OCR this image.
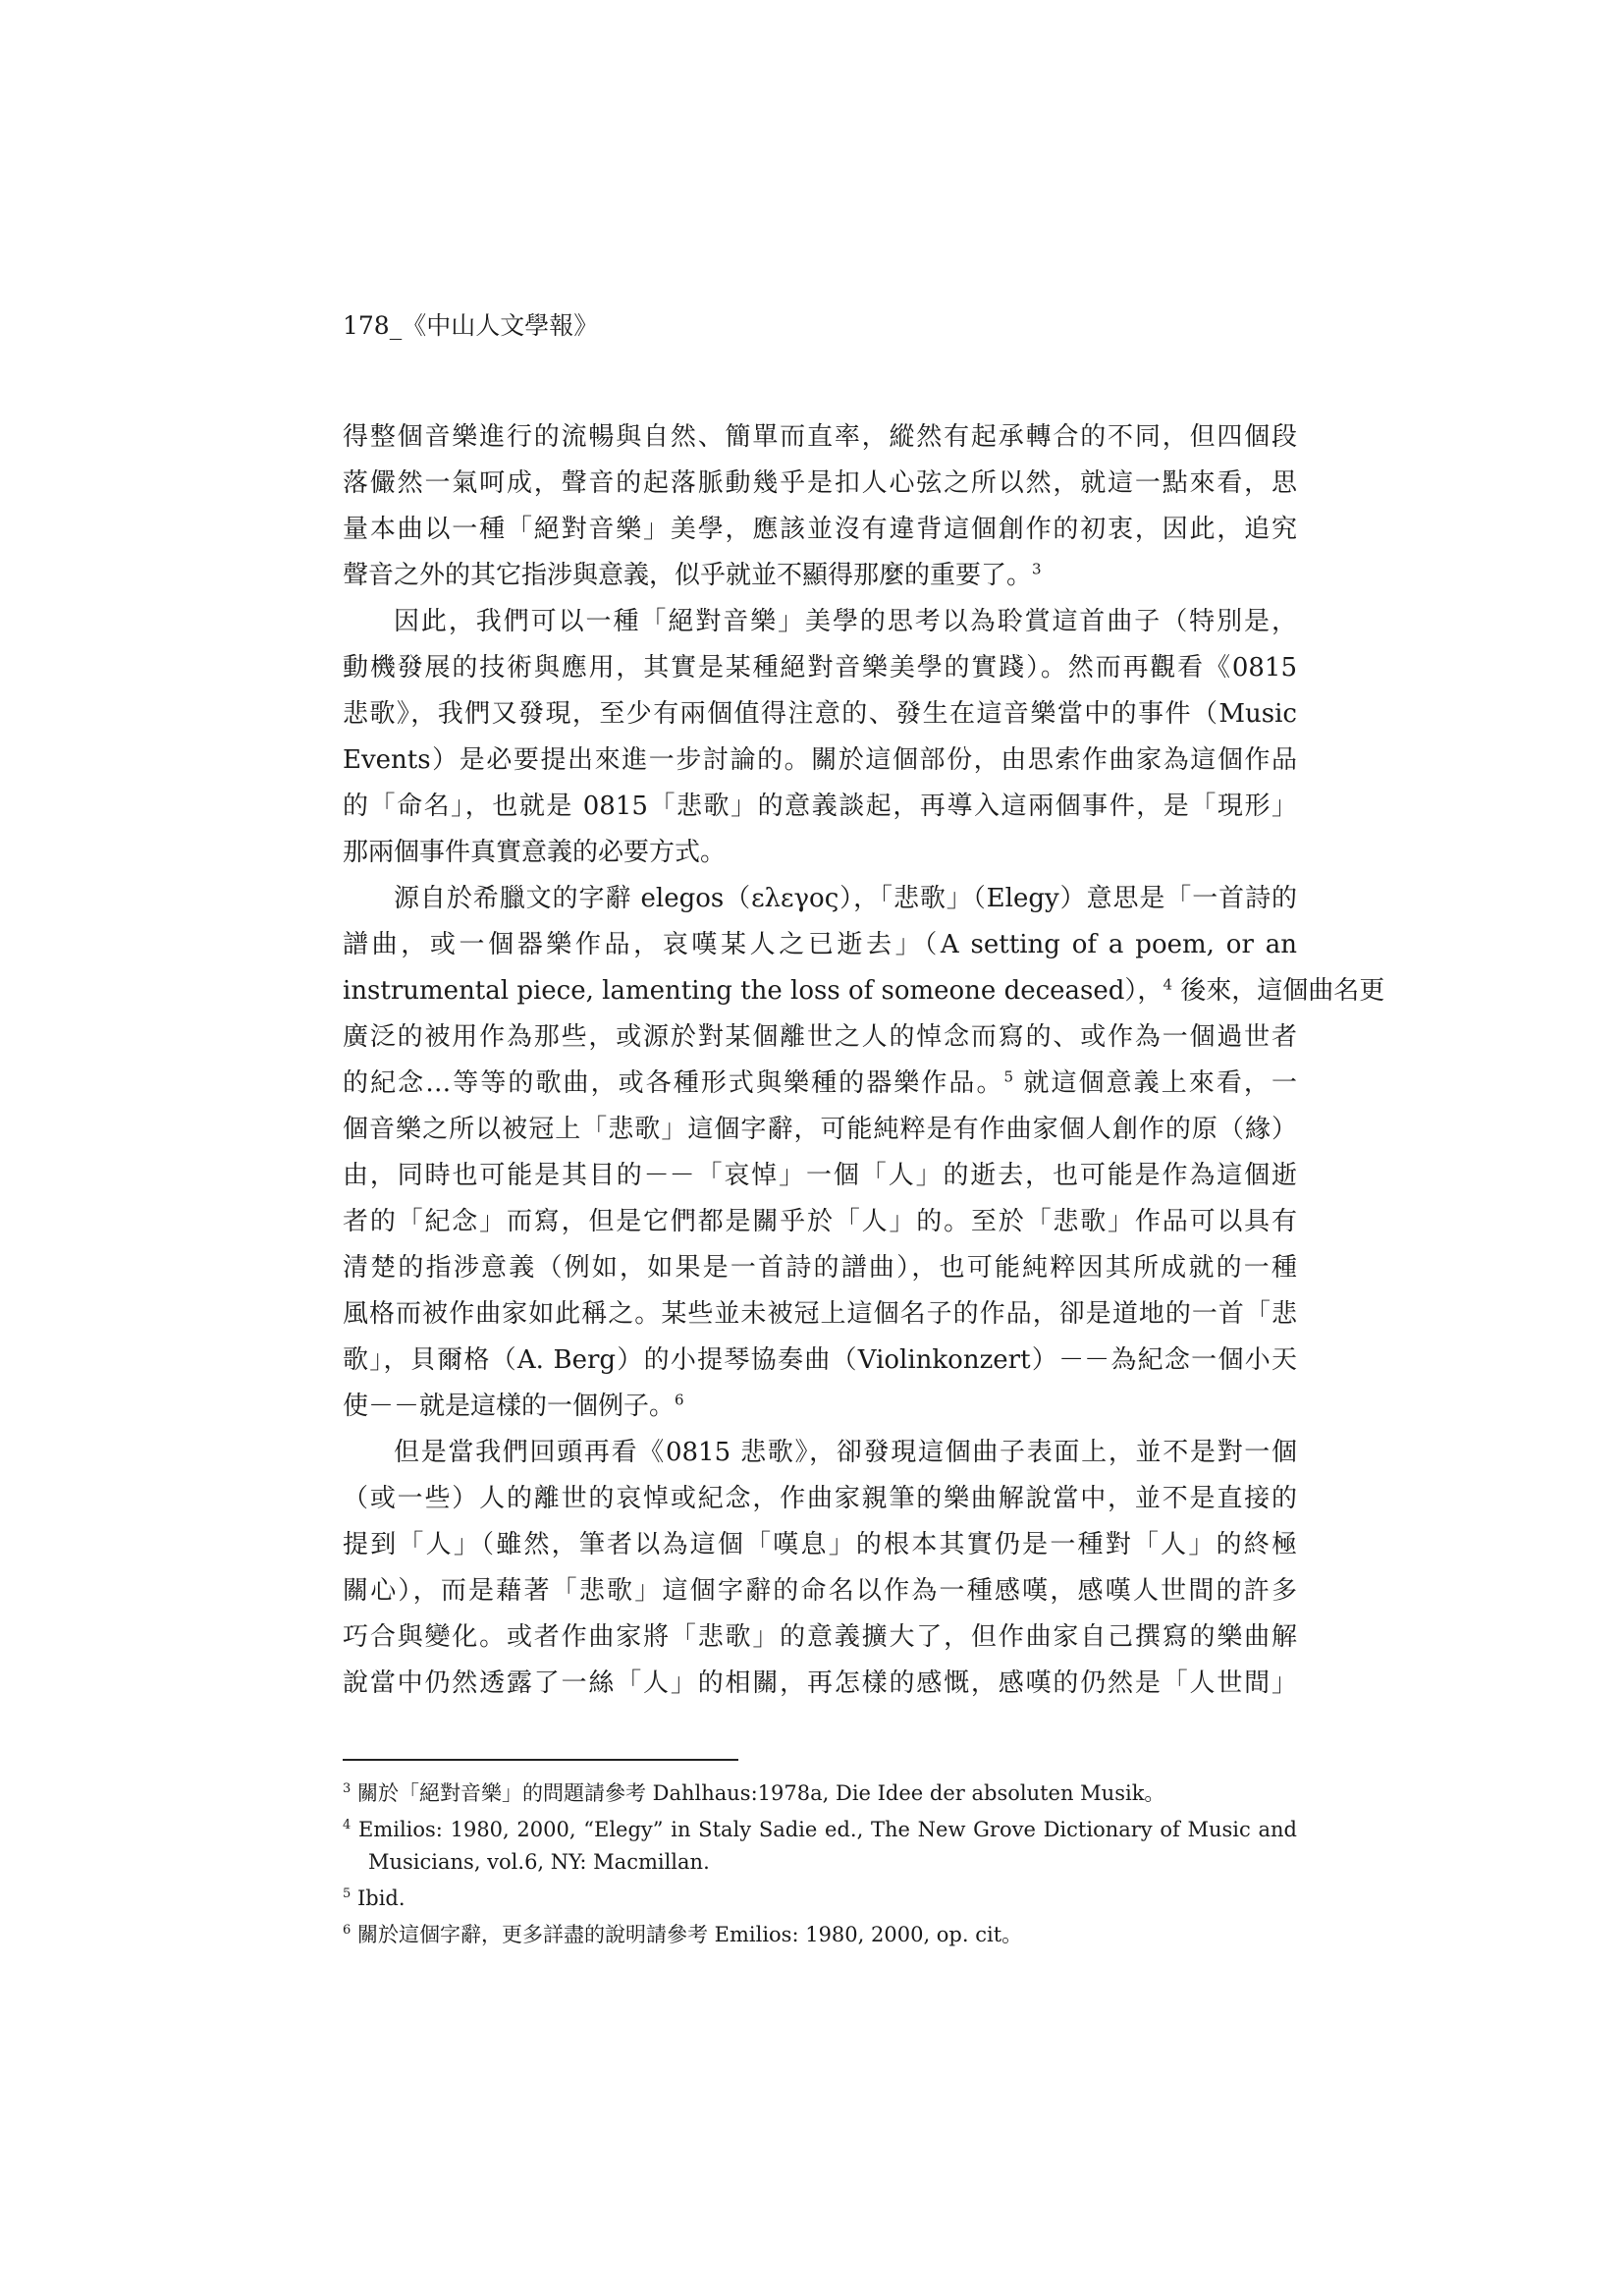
178_《中山人文學報》
得整個音樂進行的流暢與自然、簡單而直率，縱然有起承轉合的不同，但四個段
落儼然一氣呵成，聲音的起落脈動幾乎是扣人心弦之所以然，就這一點來看，思
量本曲以一種「絕對音樂」美學，應該並沒有違背這個創作的初衷，因此，追究
聲音之外的其它指涉與意義，似乎就並不顯得那麼的重要了。$^3$
因此，我們可以一種「絕對音樂」美學的思考以為聆賞這首曲子（特別是，
動機發展的技術與應用，其實是某種絕對音樂美學的實踐）。然而再觀看《0815
悲歌》，我們又發現，至少有兩個值得注意的、發生在這音樂當中的事件（Music
Events）是必要提出來進一步討論的。關於這個部份，由思索作曲家為這個作品
的「命名」，也就是 0815「悲歌」的意義談起，再導入這兩個事件，是「現形」
那兩個事件真實意義的必要方式。
源自於希臘文的字辭 elegos（ελεγος），「悲歌」（Elegy）意思是「一首詩的
譜曲，或一個器樂作品，哀嘆某人之已逝去」（A setting of a poem, or an
instrumental piece, lamenting the loss of someone deceased），$^4$ 後來，這個曲名更
廣泛的被用作為那些，或源於對某個離世之人的悼念而寫的、或作為一個過世者
的紀念…等等的歌曲，或各種形式與樂種的器樂作品。$^5$ 就這個意義上來看，一
個音樂之所以被冠上「悲歌」這個字辭，可能純粹是有作曲家個人創作的原（緣）
由，同時也可能是其目的－－「哀悼」一個「人」的逝去，也可能是作為這個逝
者的「紀念」而寫，但是它們都是關乎於「人」的。至於「悲歌」作品可以具有
清楚的指涉意義（例如，如果是一首詩的譜曲），也可能純粹因其所成就的一種
風格而被作曲家如此稱之。某些並未被冠上這個名子的作品，卻是道地的一首「悲
歌」，貝爾格（A. Berg）的小提琴協奏曲（Violinkonzert）－－為紀念一個小天
使－－就是這樣的一個例子。$^6$
但是當我們回頭再看《0815 悲歌》，卻發現這個曲子表面上，並不是對一個
（或一些）人的離世的哀悼或紀念，作曲家親筆的樂曲解說當中，並不是直接的
提到「人」（雖然，筆者以為這個「嘆息」的根本其實仍是一種對「人」的終極
關心），而是藉著「悲歌」這個字辭的命名以作為一種感嘆，感嘆人世間的許多
巧合與變化。或者作曲家將「悲歌」的意義擴大了，但作曲家自己撰寫的樂曲解
說當中仍然透露了一絲「人」的相關，再怎樣的感慨，感嘆的仍然是「人世間」
$^3$ 關於「絕對音樂」的問題請參考 Dahlhaus:1978a, Die Idee der absoluten Musik。
$^4$ Emilios: 1980, 2000, “Elegy” in Staly Sadie ed., The New Grove Dictionary of Music and
Musicians, vol.6, NY: Macmillan.
$^5$ Ibid.
$^6$ 關於這個字辭，更多詳盡的說明請參考 Emilios: 1980, 2000, op. cit。
